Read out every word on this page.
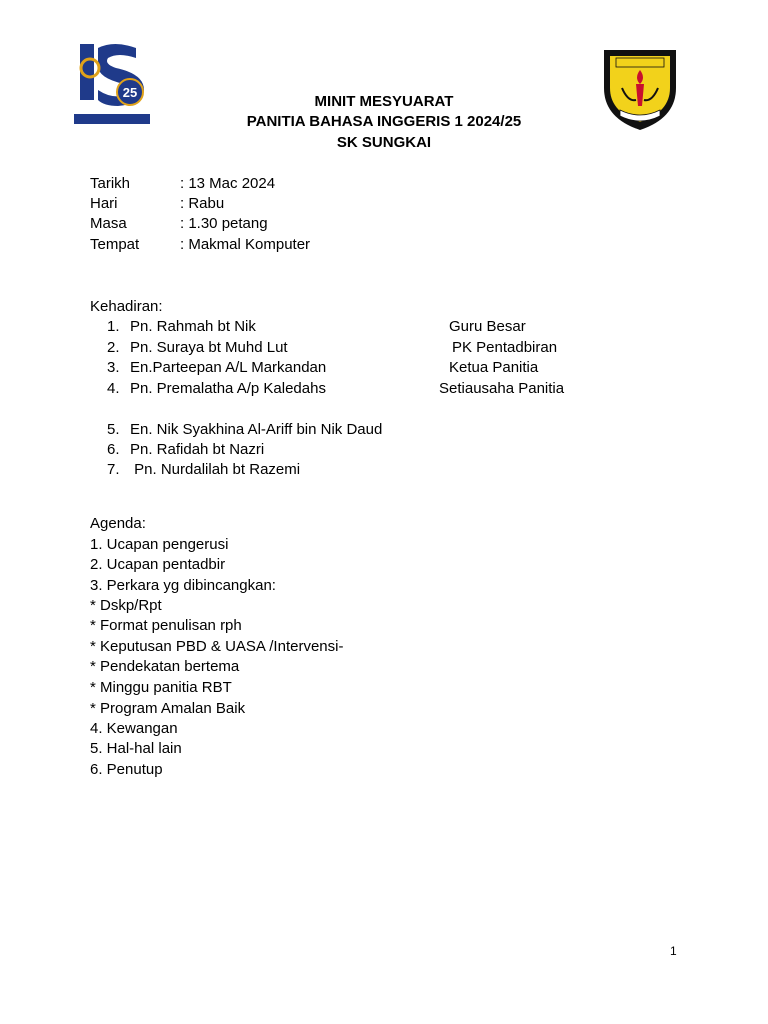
25
MINIT MESYUARAT
PANITIA BAHASA INGGERIS 1 2024/25
SK SUNGKAI
Tarikh	: 13 Mac 2024
Hari	: Rabu
Masa	: 1.30 petang
Tempat	: Makmal Komputer
Kehadiran:
1. Pn. Rahmah bt Nik	Guru Besar
2. Pn. Suraya bt Muhd Lut	PK Pentadbiran
3. En.Parteepan A/L Markandan	Ketua Panitia
4. Pn. Premalatha A/p Kaledahs	Setiausaha Panitia
5. En. Nik Syakhina Al-Ariff bin Nik Daud
6. Pn. Rafidah bt Nazri
7. Pn. Nurdalilah bt Razemi
Agenda:
1. Ucapan pengerusi
2. Ucapan pentadbir
3. Perkara yg dibincangkan:
* Dskp/Rpt
* Format penulisan rph
* Keputusan PBD & UASA /Intervensi-
* Pendekatan bertema
* Minggu panitia RBT
* Program Amalan Baik
4. Kewangan
5. Hal-hal lain
6. Penutup
1
